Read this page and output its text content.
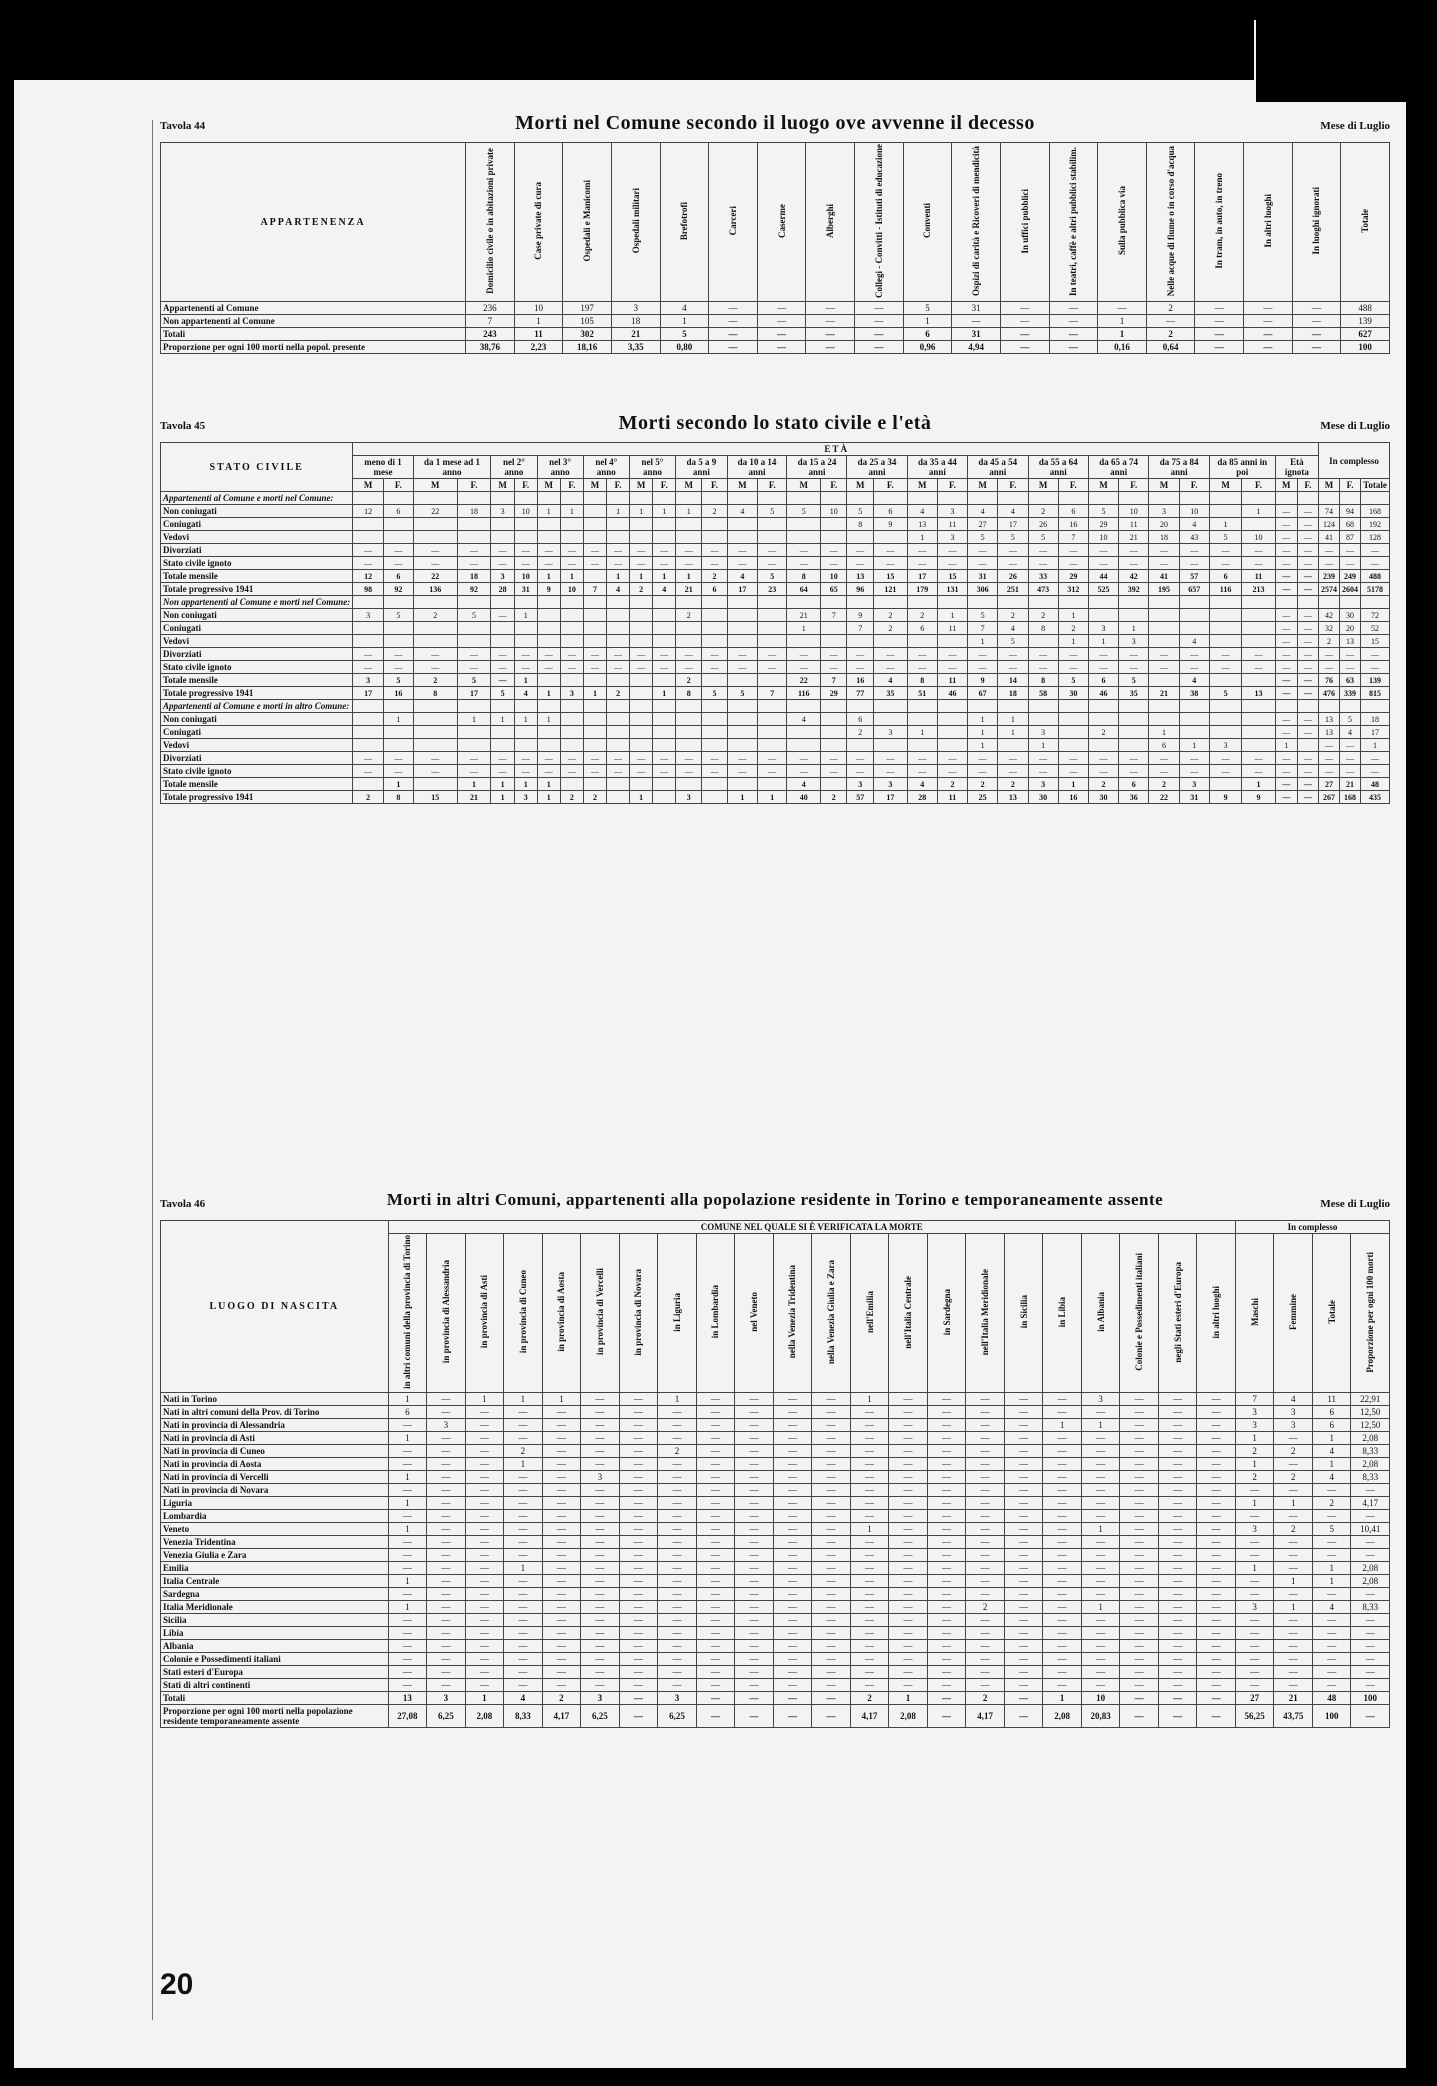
Tavola 44	Morti nel Comune secondo il luogo ove avvenne il decesso	Mese di Luglio
APPARTENENZA	Domicilio civile o in abitazioni private	Case private di cura	Ospedali e Manicomi	Ospedali militari	Brefotrofi	Carceri	Caserme	Alberghi	Collegi - Convitti - Istituti di educazione	Conventi	Ospizi di carità e Ricoveri di mendicità	In uffici pubblici	In teatri, caffè e altri pubblici stabilim.	Sulla pubblica via	Nelle acque di fiume o in corso d'acqua	In tram, in auto, in treno	In altri luoghi	In luoghi ignorati	Totale
Appartenenti al Comune	236	10	197	3	4	—	—	—	—	5	31	—	—	—	2	—	—	—	488
Non appartenenti al Comune	7	1	105	18	1	—	—	—	—	1	—	—	—	1	—	—	—	—	139
Totali	243	11	302	21	5	—	—	—	—	6	31	—	—	1	2	—	—	—	627
Proporzione per ogni 100 morti nella popol. presente	38,76	2,23	18,16	3,35	0,80	—	—	—	—	0,96	4,94	—	—	0,16	0,64	—	—	—	100
Tavola 45	Morti secondo lo stato civile e l'età	Mese di Luglio
STATO CIVILE	E T À																																		In complesso		
	meno di 1 mese		da 1 mese ad 1 anno		nel 2° anno		nel 3° anno		nel 4° anno		nel 5° anno		da 5 a 9 anni		da 10 a 14 anni		da 15 a 24 anni		da 25 a 34 anni		da 35 a 44 anni		da 45 a 54 anni		da 55 a 64 anni		da 65 a 74 anni		da 75 a 84 anni		da 85 anni in poi		Età ignota				
	M	F.	M	F.	M	F.	M	F.	M	F.	M	F.	M	F.	M	F.	M	F.	M	F.	M	F.	M	F.	M	F.	M	F.	M	F.	M	F.	M	F.	M	F.	Totale
Appartenenti al Comune e morti nel Comune:																																					
Non coniugati	12	6	22	18	3	10	1	1		1	1	1	1	2	4	5	5	10	5	6	4	3	4	4	2	6	5	10	3	10		1	—	—	74	94	168
Coniugati																			8	9	13	11	27	17	26	16	29	11	20	4	1		—	—	124	68	192
Vedovi																					1	3	5	5	5	7	10	21	18	43	5	10	—	—	41	87	128
Divorziati	—	—	—	—	—	—	—	—	—	—	—	—	—	—	—	—	—	—	—	—	—	—	—	—	—	—	—	—	—	—	—	—	—	—	—	—	—
Stato civile ignoto	—	—	—	—	—	—	—	—	—	—	—	—	—	—	—	—	—	—	—	—	—	—	—	—	—	—	—	—	—	—	—	—	—	—	—	—	—
Totale mensile	12	6	22	18	3	10	1	1		1	1	1	1	2	4	5	8	10	13	15	17	15	31	26	33	29	44	42	41	57	6	11	—	—	239	249	488
Totale progressivo 1941	98	92	136	92	28	31	9	10	7	4	2	4	21	6	17	23	64	65	96	121	179	131	306	251	473	312	525	392	195	657	116	213	—	—	2574	2604	5178
Non appartenenti al Comune e morti nel Comune:																																					
Non coniugati	3	5	2	5	—	1							2				21	7	9	2	2	1	5	2	2	1							—	—	42	30	72
Coniugati																	1		7	2	6	11	7	4	8	2	3	1					—	—	32	20	52
Vedovi																							1	5		1	1	3		4			—	—	2	13	15
Divorziati	—	—	—	—	—	—	—	—	—	—	—	—	—	—	—	—	—	—	—	—	—	—	—	—	—	—	—	—	—	—	—	—	—	—	—	—	—
Stato civile ignoto	—	—	—	—	—	—	—	—	—	—	—	—	—	—	—	—	—	—	—	—	—	—	—	—	—	—	—	—	—	—	—	—	—	—	—	—	—
Totale mensile	3	5	2	5	—	1							2				22	7	16	4	8	11	9	14	8	5	6	5		4			—	—	76	63	139
Totale progressivo 1941	17	16	8	17	5	4	1	3	1	2		1	8	5	5	7	116	29	77	35	51	46	67	18	58	30	46	35	21	38	5	13	—	—	476	339	815
Appartenenti al Comune e morti in altro Comune:																																					
Non coniugati		1		1	1	1	1										4		6				1	1									—	—	13	5	18
Coniugati																			2	3	1		1	1	3		2		1				—	—	13	4	17
Vedovi																							1		1				6	1	3		1		—	—	1
Divorziati	—	—	—	—	—	—	—	—	—	—	—	—	—	—	—	—	—	—	—	—	—	—	—	—	—	—	—	—	—	—	—	—	—	—	—	—	—
Stato civile ignoto	—	—	—	—	—	—	—	—	—	—	—	—	—	—	—	—	—	—	—	—	—	—	—	—	—	—	—	—	—	—	—	—	—	—	—	—	—
Totale mensile		1		1	1	1	1										4		3	3	4	2	2	2	3	1	2	6	2	3		1	—	—	27	21	48
Totale progressivo 1941	2	8	15	21	1	3	1	2	2		1		3		1	1	40	2	57	17	28	11	25	13	30	16	30	36	22	31	9	9	—	—	267	168	435
Tavola 46	Morti in altri Comuni, appartenenti alla popolazione residente in Torino e temporaneamente assente	Mese di Luglio
LUOGO DI NASCITA	COMUNE NEL QUALE SI È VERIFICATA LA MORTE																						In complesso			
	in altri comuni della provincia di Torino	in provincia di Alessandria	in provincia di Asti	in provincia di Cuneo	in provincia di Aosta	in provincia di Vercelli	in provincia di Novara	in Liguria	in Lombardia	nel Veneto	nella Venezia Tridentina	nella Venezia Giulia e Zara	nell'Emilia	nell'Italia Centrale	in Sardegna	nell'Italia Meridionale	in Sicilia	in Libia	in Albania	Colonie e Possedimenti italiani	negli Stati esteri d'Europa	in altri luoghi	Maschi	Femmine	Totale	Proporzione per ogni 100 morti
Nati in Torino	1	—	1	1	1	—	—	1	—	—	—	—	1	—	—	—	—	—	3	—	—	—	7	4	11	22,91
Nati in altri comuni della Prov. di Torino	6	—	—	—	—	—	—	—	—	—	—	—	—	—	—	—	—	—	—	—	—	—	3	3	6	12,50
Nati in provincia di Alessandria	—	3	—	—	—	—	—	—	—	—	—	—	—	—	—	—	—	1	1	—	—	—	3	3	6	12,50
Nati in provincia di Asti	1	—	—	—	—	—	—	—	—	—	—	—	—	—	—	—	—	—	—	—	—	—	1	—	1	2,08
Nati in provincia di Cuneo	—	—	—	2	—	—	—	2	—	—	—	—	—	—	—	—	—	—	—	—	—	—	2	2	4	8,33
Nati in provincia di Aosta	—	—	—	1	—	—	—	—	—	—	—	—	—	—	—	—	—	—	—	—	—	—	1	—	1	2,08
Nati in provincia di Vercelli	1	—	—	—	—	3	—	—	—	—	—	—	—	—	—	—	—	—	—	—	—	—	2	2	4	8,33
Nati in provincia di Novara	—	—	—	—	—	—	—	—	—	—	—	—	—	—	—	—	—	—	—	—	—	—	—	—	—	—
Liguria	1	—	—	—	—	—	—	—	—	—	—	—	—	—	—	—	—	—	—	—	—	—	1	1	2	4,17
Lombardia	—	—	—	—	—	—	—	—	—	—	—	—	—	—	—	—	—	—	—	—	—	—	—	—	—	—
Veneto	1	—	—	—	—	—	—	—	—	—	—	—	1	—	—	—	—	—	1	—	—	—	3	2	5	10,41
Venezia Tridentina	—	—	—	—	—	—	—	—	—	—	—	—	—	—	—	—	—	—	—	—	—	—	—	—	—	—
Venezia Giulia e Zara	—	—	—	—	—	—	—	—	—	—	—	—	—	—	—	—	—	—	—	—	—	—	—	—	—	—
Emilia	—	—	—	1	—	—	—	—	—	—	—	—	—	—	—	—	—	—	—	—	—	—	1	—	1	2,08
Italia Centrale	1	—	—	—	—	—	—	—	—	—	—	—	—	—	—	—	—	—	—	—	—	—	—	1	1	2,08
Sardegna	—	—	—	—	—	—	—	—	—	—	—	—	—	—	—	—	—	—	—	—	—	—	—	—	—	—
Italia Meridionale	1	—	—	—	—	—	—	—	—	—	—	—	—	—	—	2	—	—	1	—	—	—	3	1	4	8,33
Sicilia	—	—	—	—	—	—	—	—	—	—	—	—	—	—	—	—	—	—	—	—	—	—	—	—	—	—
Libia	—	—	—	—	—	—	—	—	—	—	—	—	—	—	—	—	—	—	—	—	—	—	—	—	—	—
Albania	—	—	—	—	—	—	—	—	—	—	—	—	—	—	—	—	—	—	—	—	—	—	—	—	—	—
Colonie e Possedimenti italiani	—	—	—	—	—	—	—	—	—	—	—	—	—	—	—	—	—	—	—	—	—	—	—	—	—	—
Stati esteri d'Europa	—	—	—	—	—	—	—	—	—	—	—	—	—	—	—	—	—	—	—	—	—	—	—	—	—	—
Stati di altri continenti	—	—	—	—	—	—	—	—	—	—	—	—	—	—	—	—	—	—	—	—	—	—	—	—	—	—
Totali	13	3	1	4	2	3	—	3	—	—	—	—	2	1	—	2	—	1	10	—	—	—	27	21	48	100
Proporzione per ogni 100 morti nella popolazione residente temporaneamente assente	27,08	6,25	2,08	8,33	4,17	6,25	—	6,25	—	—	—	—	4,17	2,08	—	4,17	—	2,08	20,83	—	—	—	56,25	43,75	100	—
20
